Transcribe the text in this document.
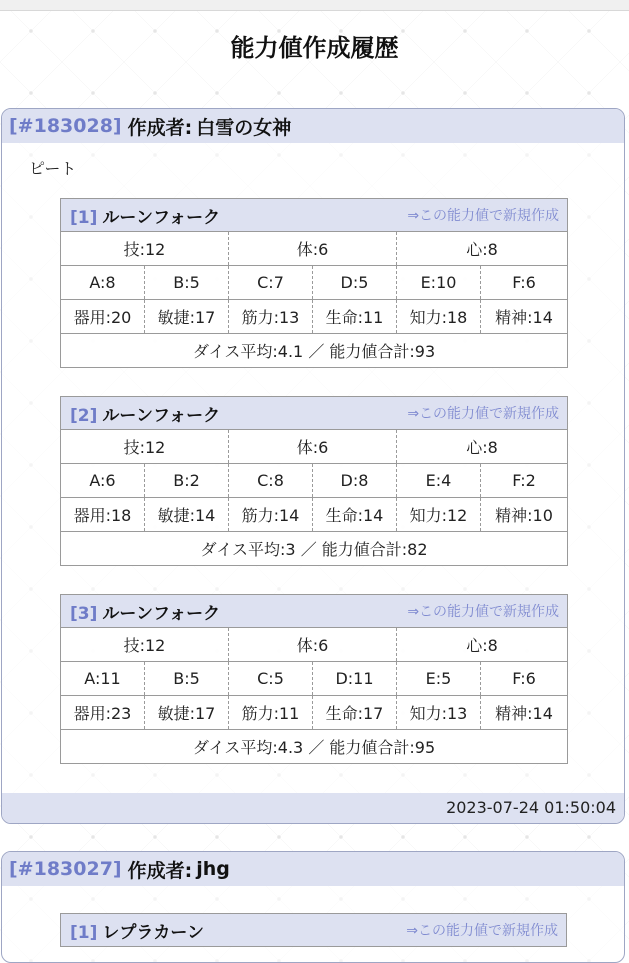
能力値作成履歴
[#183028] 作成者: 白雪の女神
ピート
[1] ルーンフォーク ⇒この能力値で新規作成					

技:12		体:6		心:8	
A:8	B:5	C:7	D:5	E:10	F:6
器用:20	敏捷:17	筋力:13	生命:11	知力:18	精神:14
ダイス平均:4.1 ／ 能力値合計:93					
[2] ルーンフォーク ⇒この能力値で新規作成					

技:12		体:6		心:8	
A:6	B:2	C:8	D:8	E:4	F:2
器用:18	敏捷:14	筋力:14	生命:14	知力:12	精神:10
ダイス平均:3 ／ 能力値合計:82					
[3] ルーンフォーク ⇒この能力値で新規作成					

技:12		体:6		心:8	
A:11	B:5	C:5	D:11	E:5	F:6
器用:23	敏捷:17	筋力:11	生命:17	知力:13	精神:14
ダイス平均:4.3 ／ 能力値合計:95					
2023-07-24 01:50:04
[#183027] 作成者: jhg
[1] レプラカーン	⇒この能力値で新規作成
